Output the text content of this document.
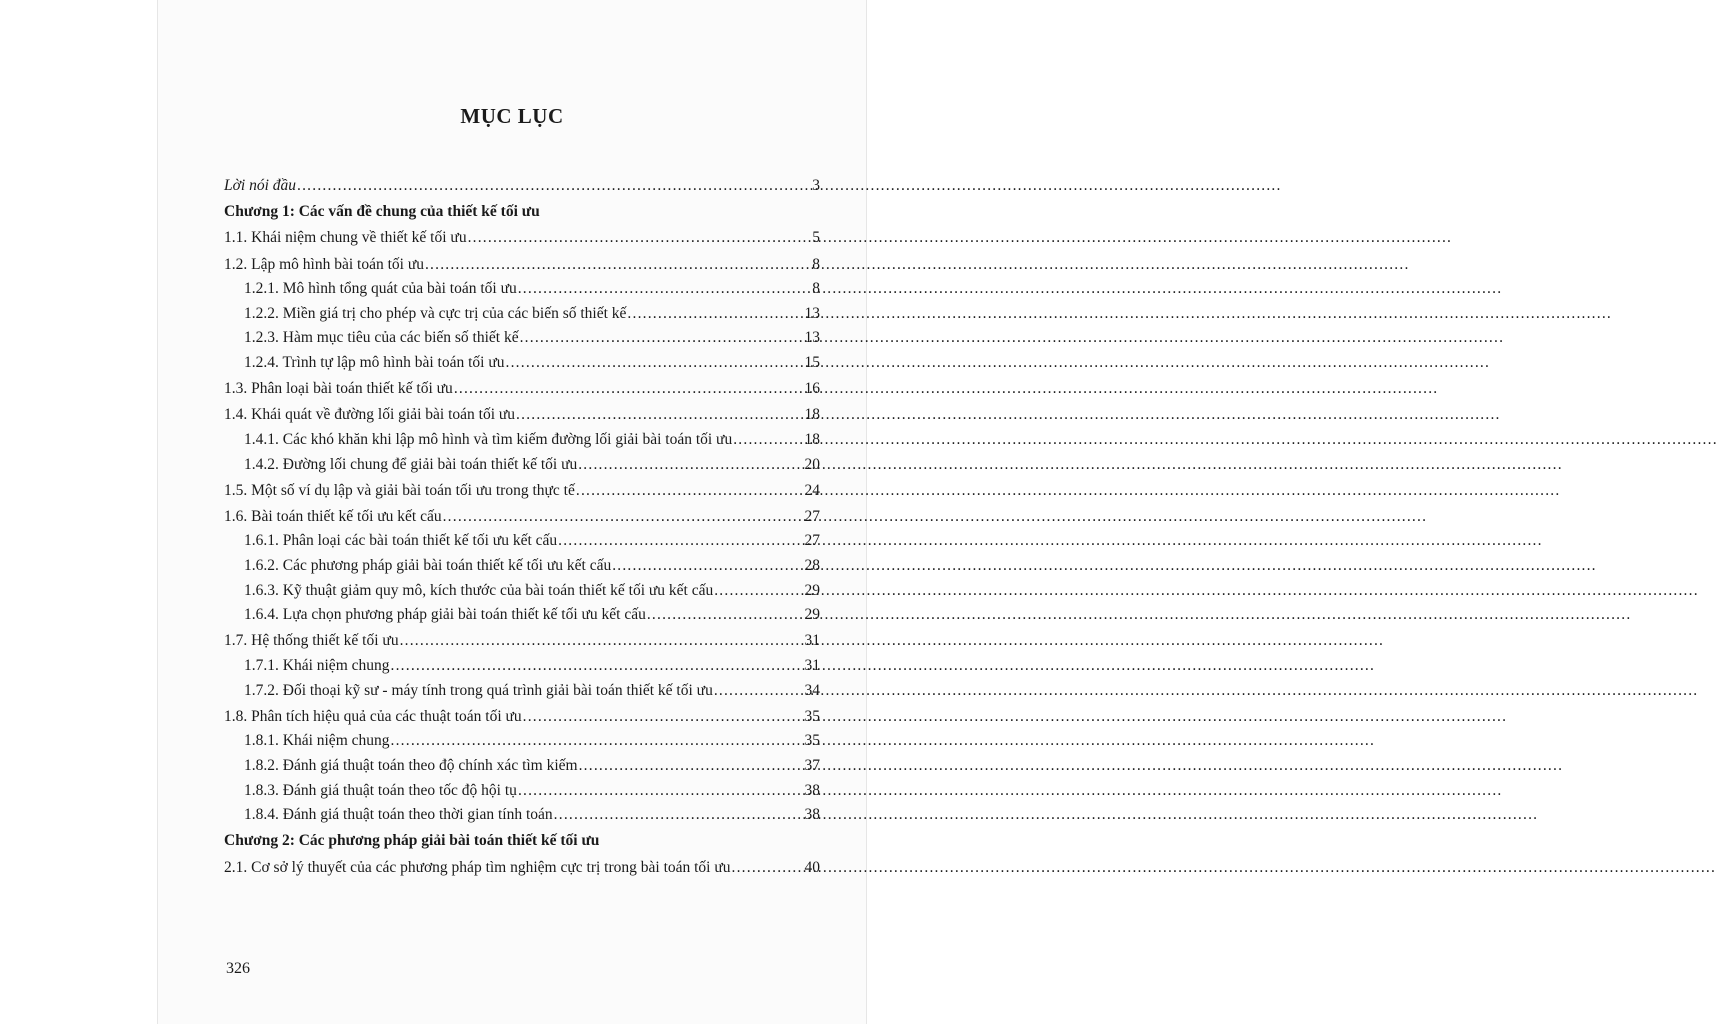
MỤC LỤC
Lời nói đầu .....	3
Chương 1: Các vấn đề chung của thiết kế tối ưu
1.1. Khái niệm chung về thiết kế tối ưu .....	5
1.2. Lập mô hình bài toán tối ưu .....	8
1.2.1. Mô hình tổng quát của bài toán tối ưu .....	8
1.2.2. Miền giá trị cho phép và cực trị của các biến số thiết kế .....	13
1.2.3. Hàm mục tiêu của các biến số thiết kế .....	13
1.2.4. Trình tự lập mô hình bài toán tối ưu .....	15
1.3. Phân loại bài toán thiết kế tối ưu .....	16
1.4. Khái quát về đường lối giải bài toán tối ưu .....	18
1.4.1. Các khó khăn khi lập mô hình và tìm kiếm đường lối giải bài toán tối ưu .....	18
1.4.2. Đường lối chung để giải bài toán thiết kế tối ưu .....	20
1.5. Một số ví dụ lập và giải bài toán tối ưu trong thực tế .....	24
1.6. Bài toán thiết kế tối ưu kết cấu .....	27
1.6.1. Phân loại các bài toán thiết kế tối ưu kết cấu .....	27
1.6.2. Các phương pháp giải bài toán thiết kế tối ưu kết cấu .....	28
1.6.3. Kỹ thuật giảm quy mô, kích thước của bài toán thiết kế tối ưu kết cấu .....	29
1.6.4. Lựa chọn phương pháp giải bài toán thiết kế tối ưu kết cấu .....	29
1.7. Hệ thống thiết kế tối ưu .....	31
1.7.1. Khái niệm chung .....	31
1.7.2. Đối thoại kỹ sư - máy tính trong quá trình giải bài toán thiết kế tối ưu .....	34
1.8. Phân tích hiệu quả của các thuật toán tối ưu .....	35
1.8.1. Khái niệm chung .....	35
1.8.2. Đánh giá thuật toán theo độ chính xác tìm kiếm .....	37
1.8.3. Đánh giá thuật toán theo tốc độ hội tụ .....	38
1.8.4. Đánh giá thuật toán theo thời gian tính toán .....	38
Chương 2: Các phương pháp giải bài toán thiết kế tối ưu
2.1. Cơ sở lý thuyết của các phương pháp tìm nghiệm cực trị trong bài toán tối ưu .....	40
326
